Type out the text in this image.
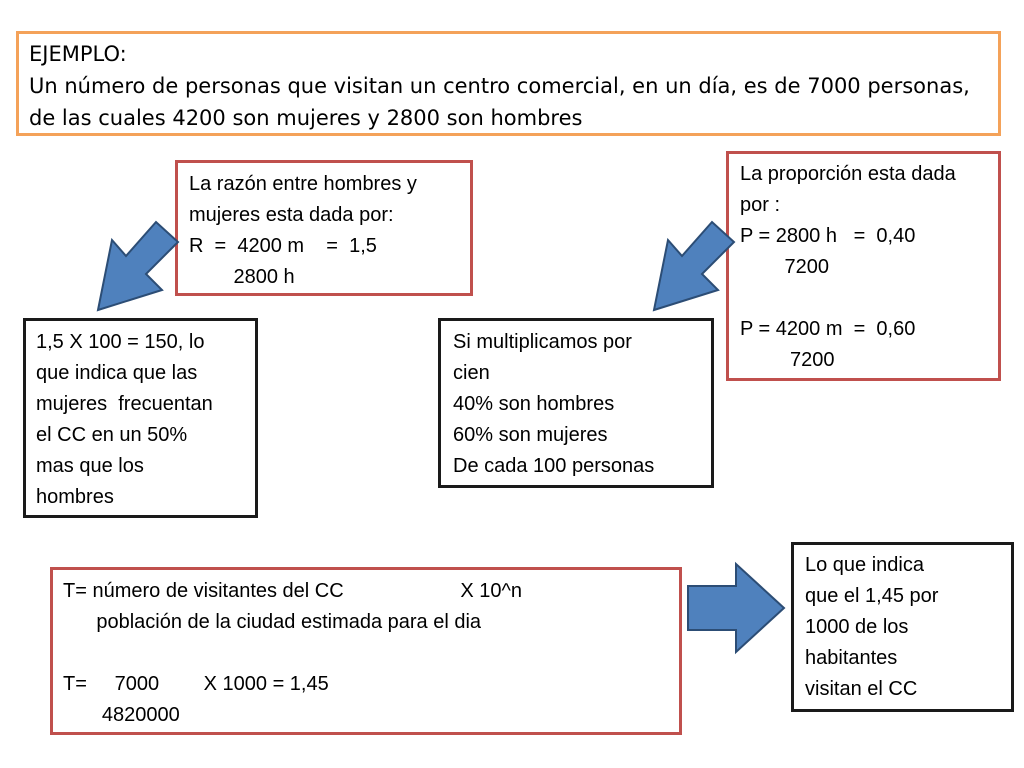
EJEMPLO:
Un número de personas que visitan un centro comercial, en un día, es de 7000 personas, de las cuales 4200 son mujeres y 2800 son hombres
La razón entre hombres y
mujeres esta dada por:
R  =  4200 m    =  1,5
2800 h
La proporción esta dada
por :
P = 2800 h   =  0,40
7200

P = 4200 m  =  0,60
7200
1,5 X 100 = 150, lo
que indica que las
mujeres  frecuentan
el CC en un 50%
mas que los
hombres
Si multiplicamos por
cien
40% son hombres
60% son mujeres
De cada 100 personas
T= número de visitantes del CC                     X 10^n
población de la ciudad estimada para el dia

T=     7000        X 1000 = 1,45
4820000
Lo que indica
que el 1,45 por
1000 de los
habitantes
visitan el CC
